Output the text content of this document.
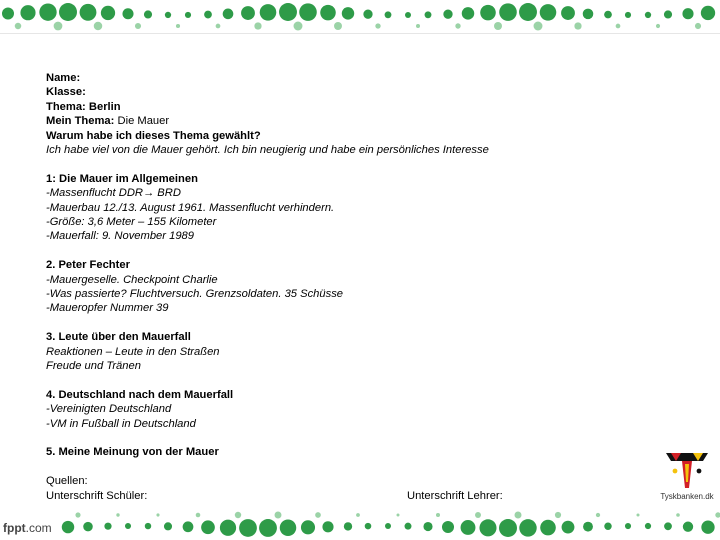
Name:
Klasse:
Thema: Berlin
Mein Thema: Die Mauer
Warum habe ich dieses Thema gewählt?
Ich habe viel von die Mauer gehört. Ich bin neugierig und habe ein persönliches Interesse
1: Die Mauer im Allgemeinen
-Massenflucht DDR→ BRD
-Mauerbau 12./13. August 1961. Massenflucht verhindern.
-Größe: 3,6 Meter – 155 Kilometer
-Mauerfall: 9. November 1989
2. Peter Fechter
-Mauergeselle. Checkpoint Charlie
-Was passierte? Fluchtversuch. Grenzsoldaten. 35 Schüsse
-Maueropfer Nummer 39
3. Leute über den Mauerfall
Reaktionen – Leute in den Straßen
Freude und Tränen
4. Deutschland nach dem Mauerfall
-Vereinigten Deutschland
-VM in Fußball in Deutschland
5. Meine Meinung von der Mauer
Quellen:
Unterschrift Schüler:	Unterschrift Lehrer:	Tyskbanken.dk
fppt.com
